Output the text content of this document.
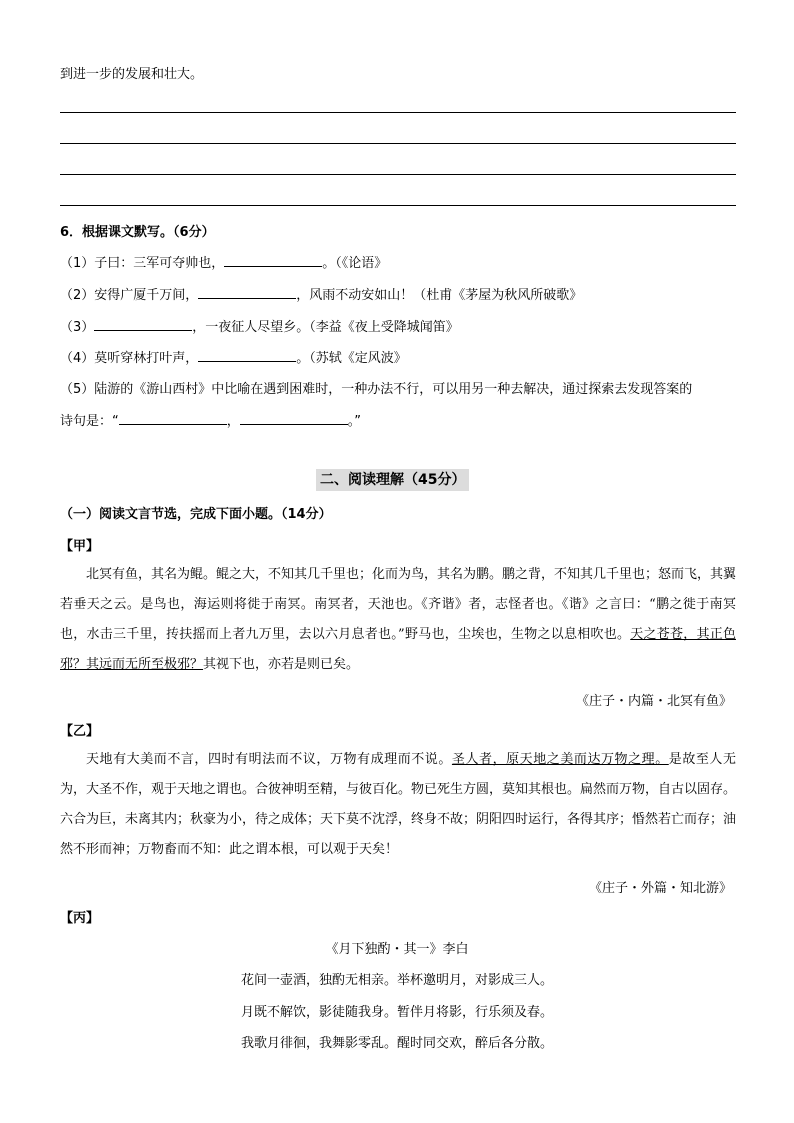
到进一步的发展和壮大。
6．根据课文默写。（6分）
（1）子曰：三军可夺帅也，	。（《论语》
（2）安得广厦千万间，	，风雨不动安如山！（杜甫《茅屋为秋风所破歌》
（3）	，一夜征人尽望乡。（李益《夜上受降城闻笛》
（4）莫听穿林打叶声，	。（苏轼《定风波》
（5）陆游的《游山西村》中比喻在遇到困难时，一种办法不行，可以用另一种去解决，通过探索去发现答案的
诗句是：“	，	。”
二、阅读理解（45分）
（一）阅读文言节选，完成下面小题。（14分）
【甲】

北冥有鱼，其名为鲲。鲲之大，不知其几千里也；化而为鸟，其名为鹏。鹏之背，不知其几千里也；怒而飞，其翼若垂天之云。是鸟也，海运则将徙于南冥。南冥者，天池也。《齐谐》者，志怪者也。《谐》之言曰：“鹏之徙于南冥也，水击三千里，抟扶摇而上者九万里，去以六月息者也。”野马也，尘埃也，生物之以息相吹也。天之苍苍，其正色邪？其远而无所至极邪？其视下也，亦若是则已矣。

《庄子・内篇・北冥有鱼》
【乙】

天地有大美而不言，四时有明法而不议，万物有成理而不说。圣人者，原天地之美而达万物之理。是故至人无为，大圣不作，观于天地之谓也。合彼神明至精，与彼百化。物已死生方圆，莫知其根也。扁然而万物，自古以固存。六合为巨，未离其内；秋豪为小，待之成体；天下莫不沈浮，终身不故；阴阳四时运行，各得其序；惛然若亡而存；油然不形而神；万物畜而不知：此之谓本根，可以观于天矣！

《庄子・外篇・知北游》
【丙】
《月下独酌・其一》李白
花间一壶酒，独酌无相亲。举杯邀明月，对影成三人。
月既不解饮，影徒随我身。暂伴月将影，行乐须及春。
我歌月徘徊，我舞影零乱。醒时同交欢，醉后各分散。
